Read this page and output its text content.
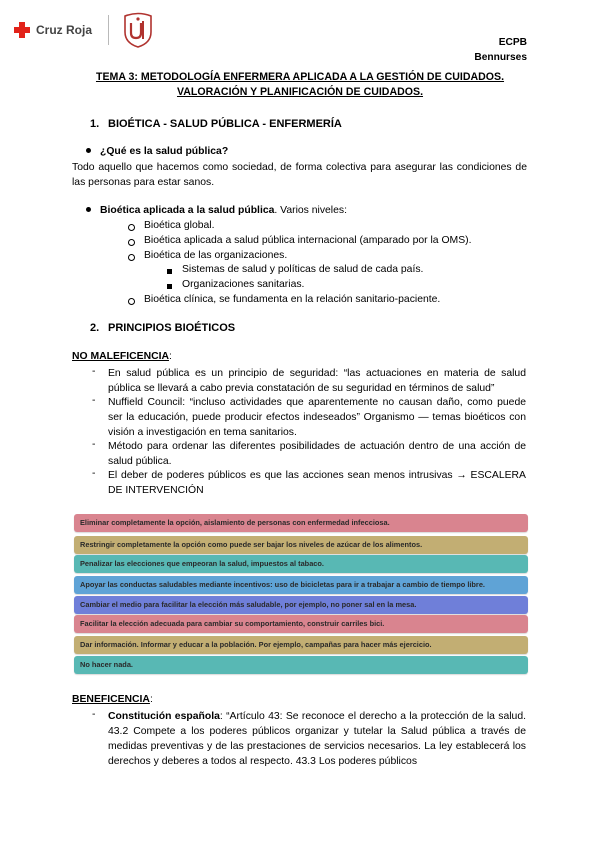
Cruz Roja
ECPB
Bennurses
TEMA 3: METODOLOGÍA ENFERMERA APLICADA A LA GESTIÓN DE CUIDADOS.
VALORACIÓN Y PLANIFICACIÓN DE CUIDADOS.
1. BIOÉTICA - SALUD PÚBLICA - ENFERMERÍA
¿Qué es la salud pública?
Todo aquello que hacemos como sociedad, de forma colectiva para asegurar las condiciones de las personas para estar sanos.
Bioética aplicada a la salud pública. Varios niveles:
Bioética global.
Bioética aplicada a salud pública internacional (amparado por la OMS).
Bioética de las organizaciones.
Sistemas de salud y políticas de salud de cada país.
Organizaciones sanitarias.
Bioética clínica, se fundamenta en la relación sanitario-paciente.
2. PRINCIPIOS BIOÉTICOS
NO MALEFICENCIA:
- En salud pública es un principio de seguridad: “las actuaciones en materia de salud pública se llevará a cabo previa constatación de su seguridad en términos de salud”
- Nuffield Council: “incluso actividades que aparentemente no causan daño, como puede ser la educación, puede producir efectos indeseados” Organismo — temas bioéticos con visión a investigación en tema sanitarios.
- Método para ordenar las diferentes posibilidades de actuación dentro de una acción de salud pública.
- El deber de poderes públicos es que las acciones sean menos intrusivas → ESCALERA DE INTERVENCIÓN
Eliminar completamente la opción, aislamiento de personas con enfermedad infecciosa.
Restringir completamente la opción como puede ser bajar los niveles de azúcar de los alimentos.
Penalizar las elecciones que empeoran la salud, impuestos al tabaco.
Apoyar las conductas saludables mediante incentivos: uso de bicicletas para ir a trabajar a cambio de tiempo libre.
Cambiar el medio para facilitar la elección más saludable, por ejemplo, no poner sal en la mesa.
Facilitar la elección adecuada para cambiar su comportamiento, construir carriles bici.
Dar información. Informar y educar a la población. Por ejemplo, campañas para hacer más ejercicio.
No hacer nada.
BENEFICENCIA:
- Constitución española: “Artículo 43: Se reconoce el derecho a la protección de la salud. 43.2 Compete a los poderes públicos organizar y tutelar la Salud pública a través de medidas preventivas y de las prestaciones de servicios necesarios. La ley establecerá los derechos y deberes a todos al respecto. 43.3 Los poderes públicos
